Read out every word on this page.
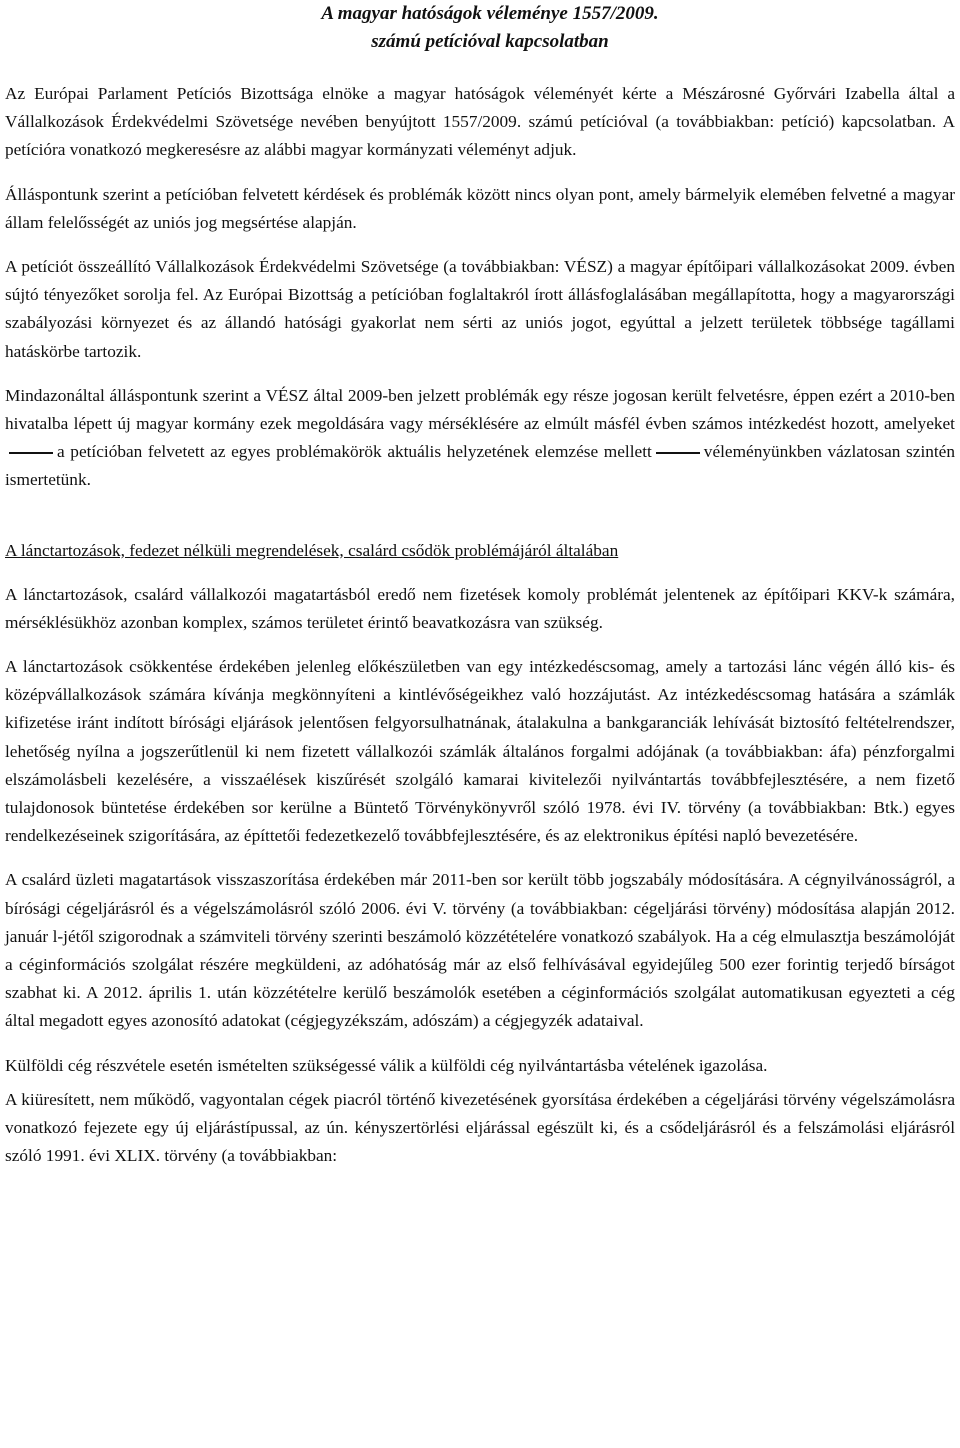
A magyar hatóságok véleménye 1557/2009.

számú petícióval kapcsolatban

Az Európai Parlament Petíciós Bizottsága elnöke a magyar hatóságok véleményét kérte a Mészárosné Győrvári Izabella által a Vállalkozások Érdekvédelmi Szövetsége nevében benyújtott 1557/2009. számú petícióval (a továbbiakban: petíció) kapcsolatban. A petícióra vonatkozó megkeresésre az alábbi magyar kormányzati véleményt adjuk.

Álláspontunk szerint a petícióban felvetett kérdések és problémák között nincs olyan pont, amely bármelyik elemében felvetné a magyar állam felelősségét az uniós jog megsértése alapján.

A petíciót összeállító Vállalkozások Érdekvédelmi Szövetsége (a továbbiakban: VÉSZ) a magyar építőipari vállalkozásokat 2009. évben sújtó tényezőket sorolja fel. Az Európai Bizottság a petícióban foglaltakról írott állásfoglalásában megállapította, hogy a magyarországi szabályozási környezet és az állandó hatósági gyakorlat nem sérti az uniós jogot, egyúttal a jelzett területek többsége tagállami hatáskörbe tartozik.

Mindazonáltal álláspontunk szerint a VÉSZ által 2009-ben jelzett problémák egy része jogosan került felvetésre, éppen ezért a 2010-ben hivatalba lépett új magyar kormány ezek megoldására vagy mérséklésére az elmúlt másfél évben számos intézkedést hozott, amelyeketa petícióban felvetett az egyes problémakörök aktuális helyzetének elemzése mellett	véleményünkben vázlatosan szintén ismertetünk.

A lánctartozások, fedezet nélküli megrendelések, csalárd csődök problémájáról általában

A lánctartozások, csalárd vállalkozói magatartásból eredő nem fizetések komoly problémát jelentenek az építőipari KKV-k számára, mérséklésükhöz azonban komplex, számos területet érintő beavatkozásra van szükség.

A lánctartozások csökkentése érdekében jelenleg előkészületben van egy intézkedéscsomag, amely a tartozási lánc végén álló kis- és középvállalkozások számára kívánja megkönnyíteni a kintlévőségeikhez való hozzájutást. Az intézkedéscsomag hatására a számlák kifizetése iránt indított bírósági eljárások jelentősen felgyorsulhatnának, átalakulna a bankgaranciák lehívását biztosító feltételrendszer, lehetőség nyílna a jogszerűtlenül ki nem fizetett vállalkozói számlák általános forgalmi adójának (a továbbiakban: áfa) pénzforgalmi elszámolásbeli kezelésére, a visszaélések kiszűrését szolgáló kamarai kivitelezői nyilvántartás továbbfejlesztésére, a nem fizető tulajdonosok büntetése érdekében sor kerülne a Büntető Törvénykönyvről szóló 1978. évi IV. törvény (a továbbiakban: Btk.) egyes rendelkezéseinek szigorítására, az építtetői fedezetkezelő továbbfejlesztésére, és az elektronikus építési napló bevezetésére.

A csalárd üzleti magatartások visszaszorítása érdekében már 2011-ben sor került több jogszabály módosítására. A cégnyilvánosságról, a bírósági cégeljárásról és a végelszámolásról szóló 2006. évi V. törvény (a továbbiakban: cégeljárási törvény) módosítása alapján 2012. január l-jétől szigorodnak a számviteli törvény szerinti beszámoló közzétételére vonatkozó szabályok. Ha a cég elmulasztja beszámolóját a céginformációs szolgálat részére megküldeni, az adóhatóság már az első felhívásával egyidejűleg 500 ezer forintig terjedő bírságot szabhat ki. A 2012. április 1. után közzétételre kerülő beszámolók esetében a céginformációs szolgálat automatikusan egyezteti a cég által megadott egyes azonosító adatokat (cégjegyzékszám, adószám) a cégjegyzék adataival.

Külföldi cég részvétele esetén ismételten szükségessé válik a külföldi cég nyilvántartásba vételének igazolása.

A kiüresített, nem működő, vagyontalan cégek piacról történő kivezetésének gyorsítása érdekében a cégeljárási törvény végelszámolásra vonatkozó fejezete egy új eljárástípussal, az ún. kényszertörlési eljárással egészült ki, és a csődeljárásról és a felszámolási eljárásról szóló 1991. évi XLIX. törvény (a továbbiakban:
